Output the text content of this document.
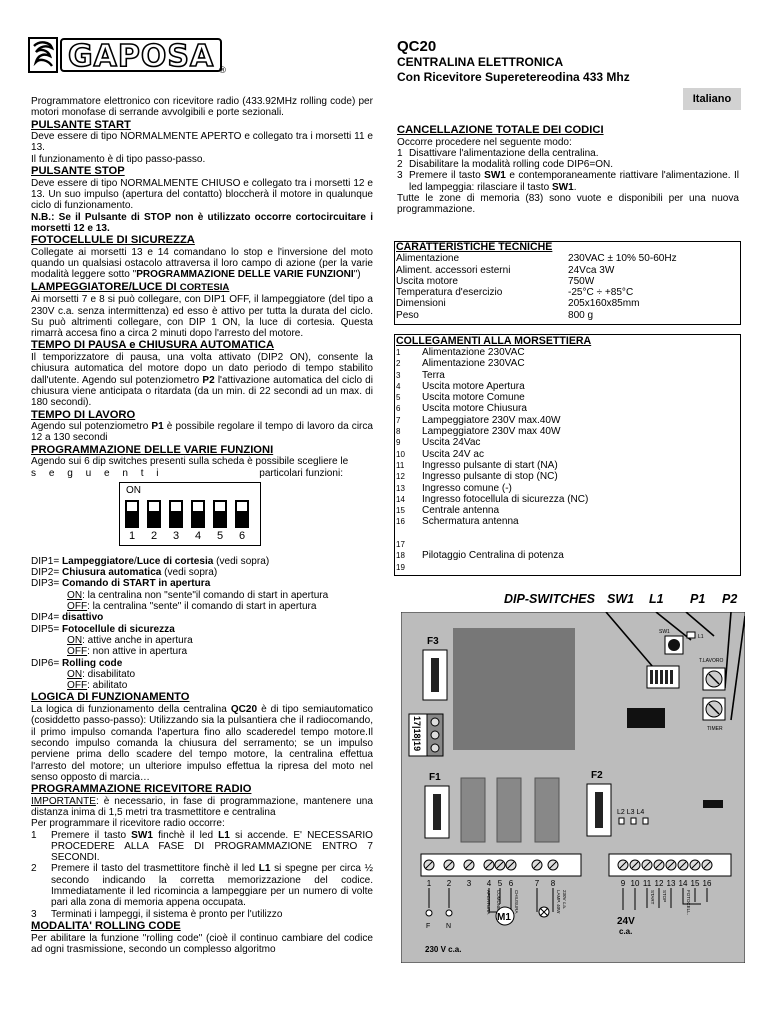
GAPOSA ®
QC20
CENTRALINA ELETTRONICA
Con Ricevitore Superetereodina 433 Mhz
Italiano

Programmatore elettronico con ricevitore radio (433.92MHz rolling code) per motori monofase di serrande avvolgibili e porte sezionali.

PULSANTE START

Deve essere di tipo NORMALMENTE APERTO e collegato tra i morsetti 11 e 13.

Il funzionamento è di tipo passo-passo.

PULSANTE STOP

Deve essere di tipo NORMALMENTE CHIUSO e collegato tra i morsetti 12 e 13. Un suo impulso (apertura del contatto) bloccherà il motore in qualunque ciclo di funzionamento.

N.B.: Se il Pulsante di STOP non è utilizzato occorre cortocircuitare i morsetti 12 e 13.

FOTOCELLULE DI SICUREZZA

Collegate ai morsetti 13 e 14 comandano lo stop e l'inversione del moto quando un qualsiasi ostacolo attraversa il loro campo di azione (per la varie modalità leggere sotto "PROGRAMMAZIONE DELLE VARIE FUNZIONI")

LAMPEGGIATORE/LUCE DI CORTESIA

Ai morsetti 7 e 8 si può collegare, con DIP1 OFF, il lampeggiatore (del tipo a 230V c.a. senza intermittenza) ed esso è attivo per tutta la durata del ciclo. Su può altrimenti collegare, con DIP 1 ON, la luce di cortesia. Questa rimarrà accesa fino a circa 2 minuti dopo l'arresto del motore.

TEMPO DI PAUSA e CHIUSURA AUTOMATICA

Il temporizzatore di pausa, una volta attivato (DIP2 ON), consente la chiusura automatica del motore dopo un dato periodo di tempo stabilito dall'utente. Agendo sul potenziometro P2 l'attivazione automatica del ciclo di chiusura viene anticipata o ritardata (da un min. di 22 secondi ad un max. di 180 secondi).

TEMPO DI LAVORO

Agendo sul potenziometro P1 è possibile regolare il tempo di lavoro da circa 12 a 130 secondi

PROGRAMMAZIONE DELLE VARIE FUNZIONI

Agendo sui 6 dip switches presenti sulla scheda è possibile scegliere le

s e g u e n t i	particolari funzioni:

ON
1	2	3	4	5	6

DIP1= Lampeggiatore/Luce di cortesia (vedi sopra)

DIP2= Chiusura automatica (vedi sopra)

DIP3= Comando di START in apertura

ON: la centralina non "sente"il comando di start in apertura

OFF: la centralina "sente" il comando di start in apertura

DIP4= disattivo

DIP5= Fotocellule di sicurezza

ON: attive anche in apertura

OFF: non attive in apertura

DIP6= Rolling code

ON: disabilitato

OFF: abilitato

LOGICA DI FUNZIONAMENTO

La logica di funzionamento della centralina QC20 è di tipo semiautomatico (cosiddetto passo-passo): Utilizzando sia la pulsantiera che il radiocomando, il primo impulso comanda l'apertura fino allo scaderedel tempo motore.Il secondo impulso comanda la chiusura del serramento; se un impulso perviene prima dello scadere del tempo motore, la centralina effettua l'arresto del motore; un ulteriore impulso effettua la ripresa del moto nel senso opposto di marcia…

PROGRAMMAZIONE RICEVITORE RADIO

IMPORTANTE: è necessario, in fase di programmazione, mantenere una distanza inima di 1,5 metri tra trasmettitore e centralina

Per programmare il ricevitore radio occorre:

1	Premere il tasto SW1 finchè il led L1 si accende. E' NECESSARIO PROCEDERE ALLA FASE DI PROGRAMMAZIONE ENTRO 7 SECONDI.

2	Premere il tasto del trasmettitore finchè il led L1 si spegne per circa ½ secondo indicando la corretta memorizzazione del codice. Immediatamente il led ricomincia a lampeggiare per un numero di volte pari alla zona di memoria appena occupata.

3	Terminati i lampeggi, il sistema è pronto per l'utilizzo

MODALITA' ROLLING CODE

Per abilitare la funzione "rolling code" (cioè il continuo cambiare del codice ad ogni trasmissione, secondo un complesso algoritmo

CANCELLAZIONE TOTALE DEI CODICI

Occorre procedere nel seguente modo:

1 Disattivare l'alimentazione della centralina.

2 Disabilitare la modalità rolling code DIP6=ON.

3 Premere il tasto SW1 e contemporaneamente riattivare l'alimentazione. Il led lampeggia: rilasciare il tasto SW1.

Tutte le zone di memoria (83) sono vuote e disponibili per una nuova programmazione.

CARATTERISTICHE TECNICHE
Alimentazione	230VAC ± 10% 50-60Hz
Aliment. accessori esterni	24Vca 3W
Uscita motore	750W
Temperatura d'esercizio	-25°C ÷ +85°C
Dimensioni	205x160x85mm
Peso	800 g
COLLEGAMENTI ALLA MORSETTIERA
1	Alimentazione 230VAC
2	Alimentazione 230VAC
3	Terra
4	Uscita motore Apertura
5	Uscita motore Comune
6	Uscita motore Chiusura
7	Lampeggiatore 230V max.40W
8	Lampeggiatore 230V max 40W
9	Uscita 24Vac
10	Uscita 24V ac
11	Ingresso pulsante di start (NA)
12	Ingresso pulsante di stop (NC)
13	Ingresso comune (-)
14	Ingresso fotocellula di sicurezza (NC)
15	Centrale antenna
16	Schermatura antenna
17
18	Pilotaggio Centralina di potenza
19
DIP-SWITCHES SW1 L1 P1 P2
F3
17|18|19
SW1
L1
T.LAVORO
TIMER
F1	F2
L2 L3 L4
1 2 3 4 5 6	7 8	9 10 11 12 13 14 15 16
M1
F N
230 V c.a.
24V
c.a.
APERTURA COMUNE	CHIUSURA	LAMP. 40W 230V c.a.	START STOP	FOTOCELL.
